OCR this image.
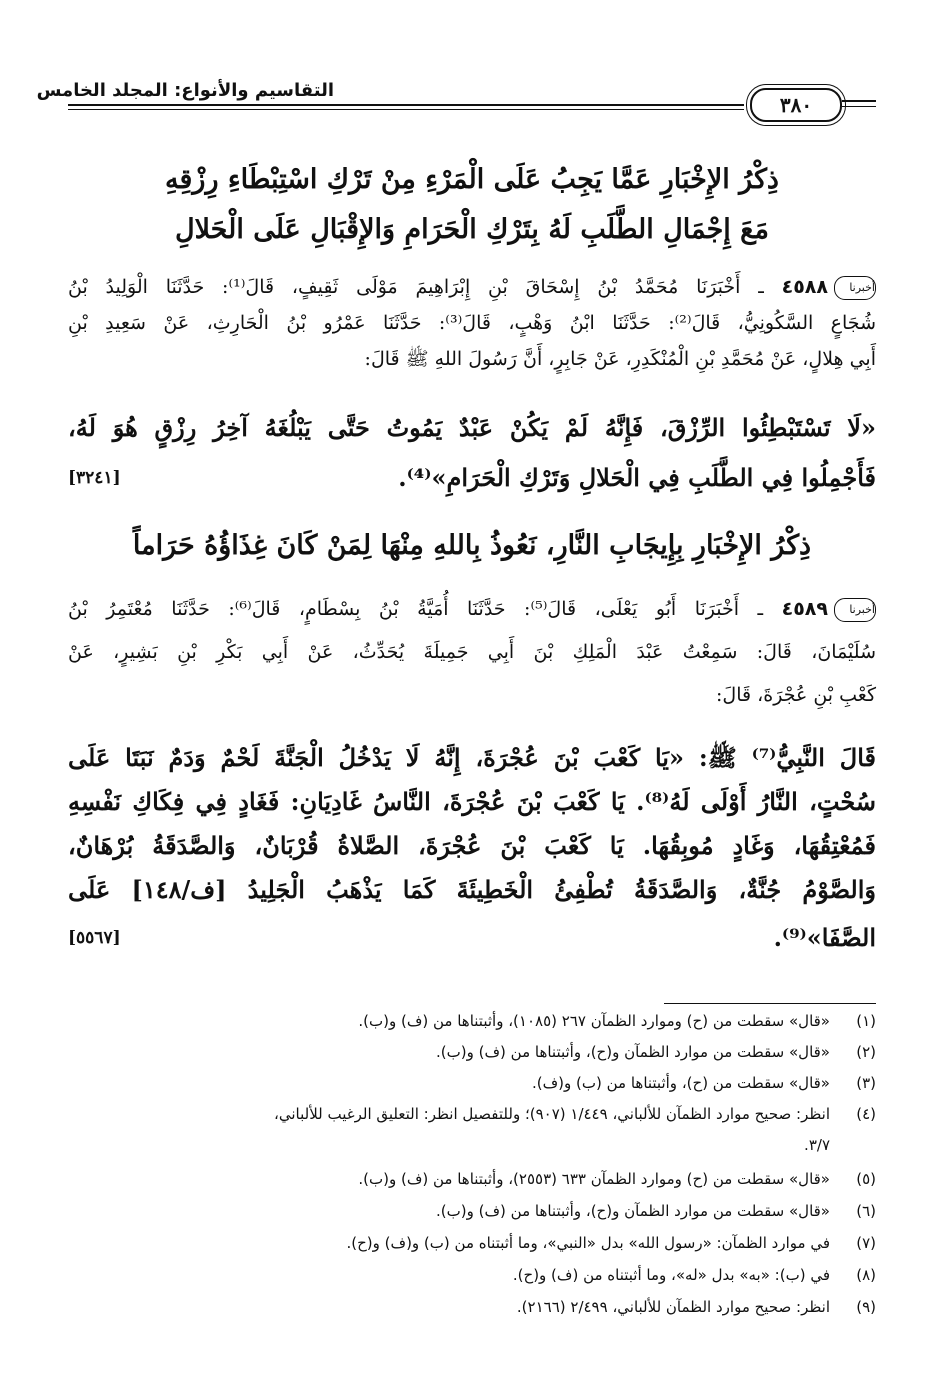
التقاسيم والأنواع: المجلد الخامس
٣٨٠
ذِكْرُ الإِخْبَارِ عَمَّا يَجِبُ عَلَى الْمَرْءِ مِنْ تَرْكِ اسْتِبْطَاءِ رِزْقِهِ
مَعَ إِجْمَالِ الطَّلَبِ لَهُ بِتَرْكِ الْحَرَامِ وَالإِقْبَالِ عَلَى الْحَلالِ
أخبرنا٤٥٨٨ ـ أَخْبَرَنَا مُحَمَّدُ بْنُ إِسْحَاقَ بْنِ إِبْرَاهِيمَ مَوْلَى ثَقِيفٍ، قَالَ⁽¹⁾: حَدَّثَنَا الْوَلِيدُ بْنُ
شُجَاعٍ السَّكُونِيُّ، قَالَ⁽²⁾: حَدَّثَنَا ابْنُ وَهْبٍ، قَالَ⁽³⁾: حَدَّثَنَا عَمْرُو بْنُ الْحَارِثِ، عَنْ سَعِيدِ بْنِ
أَبِي هِلالٍ، عَنْ مُحَمَّدِ بْنِ الْمُنْكَدِرِ، عَنْ جَابِرٍ، أَنَّ رَسُولَ اللهِ ﷺ قَالَ:
«لَا تَسْتَبْطِئُوا الرِّزْقَ، فَإِنَّهُ لَمْ يَكُنْ عَبْدٌ يَمُوتُ حَتَّى يَبْلُغَهُ آخِرُ رِزْقٍ هُوَ لَهُ،
فَأَجْمِلُوا فِي الطَّلَبِ فِي الْحَلالِ وَتَرْكِ الْحَرَامِ»⁽⁴⁾.
[٣٢٤١]
ذِكْرُ الإِخْبَارِ بِإِيجَابِ النَّارِ، نَعُوذُ بِاللهِ مِنْهَا لِمَنْ كَانَ غِذَاؤُهُ حَرَاماً
أخبرنا٤٥٨٩ ـ أَخْبَرَنَا أَبُو يَعْلَى، قَالَ⁽⁵⁾: حَدَّثَنَا أُمَيَّةُ بْنُ بِسْطَامٍ، قَالَ⁽⁶⁾: حَدَّثَنَا مُعْتَمِرُ بْنُ
سُلَيْمَانَ، قَالَ: سَمِعْتُ عَبْدَ الْمَلِكِ بْنَ أَبِي جَمِيلَةَ يُحَدِّثُ، عَنْ أَبِي بَكْرِ بْنِ بَشِيرٍ، عَنْ
كَعْبِ بْنِ عُجْرَةَ، قَالَ:
قَالَ النَّبِيُّ⁽⁷⁾ ﷺ: «يَا كَعْبَ بْنَ عُجْرَةَ، إِنَّهُ لَا يَدْخُلُ الْجَنَّةَ لَحْمٌ وَدَمٌ نَبَتَا عَلَى
سُحْتٍ، النَّارُ أَوْلَى لَهُ⁽⁸⁾. يَا كَعْبَ بْنَ عُجْرَةَ، النَّاسُ غَادِيَانِ: فَغَادٍ فِي فِكَاكِ نَفْسِهِ
فَمُعْتِقُهَا، وَغَادٍ مُوبِقُهَا. يَا كَعْبَ بْنَ عُجْرَةَ، الصَّلاةُ قُرْبَانٌ، وَالصَّدَقَةُ بُرْهَانٌ،
وَالصَّوْمُ جُنَّةٌ، وَالصَّدَقَةُ تُطْفِئُ الْخَطِيئَةَ كَمَا يَذْهَبُ الْجَلِيدُ [ف/١٤٨] عَلَى
الصَّفَا»⁽⁹⁾.
[٥٥٦٧]
(١)«قال» سقطت من (ح) وموارد الظمآن ٢٦٧ (١٠٨٥)، وأثبتناها من (ف) و(ب).
(٢)«قال» سقطت من موارد الظمآن و(ح)، وأثبتناها من (ف) و(ب).
(٣)«قال» سقطت من (ح)، وأثبتناها من (ب) و(ف).
(٤)انظر: صحيح موارد الظمآن للألباني، ١/٤٤٩ (٩٠٧)؛ وللتفصيل انظر: التعليق الرغيب للألباني،
٣/٧.
(٥)«قال» سقطت من (ح) وموارد الظمآن ٦٣٣ (٢٥٥٣)، وأثبتناها من (ف) و(ب).
(٦)«قال» سقطت من موارد الظمآن و(ح)، وأثبتناها من (ف) و(ب).
(٧)في موارد الظمآن: «رسول الله» بدل «النبي»، وما أثبتناه من (ب) و(ف) و(ح).
(٨)في (ب): «به» بدل «له»، وما أثبتناه من (ف) و(ح).
(٩)انظر: صحيح موارد الظمآن للألباني، ٢/٤٩٩ (٢١٦٦).
